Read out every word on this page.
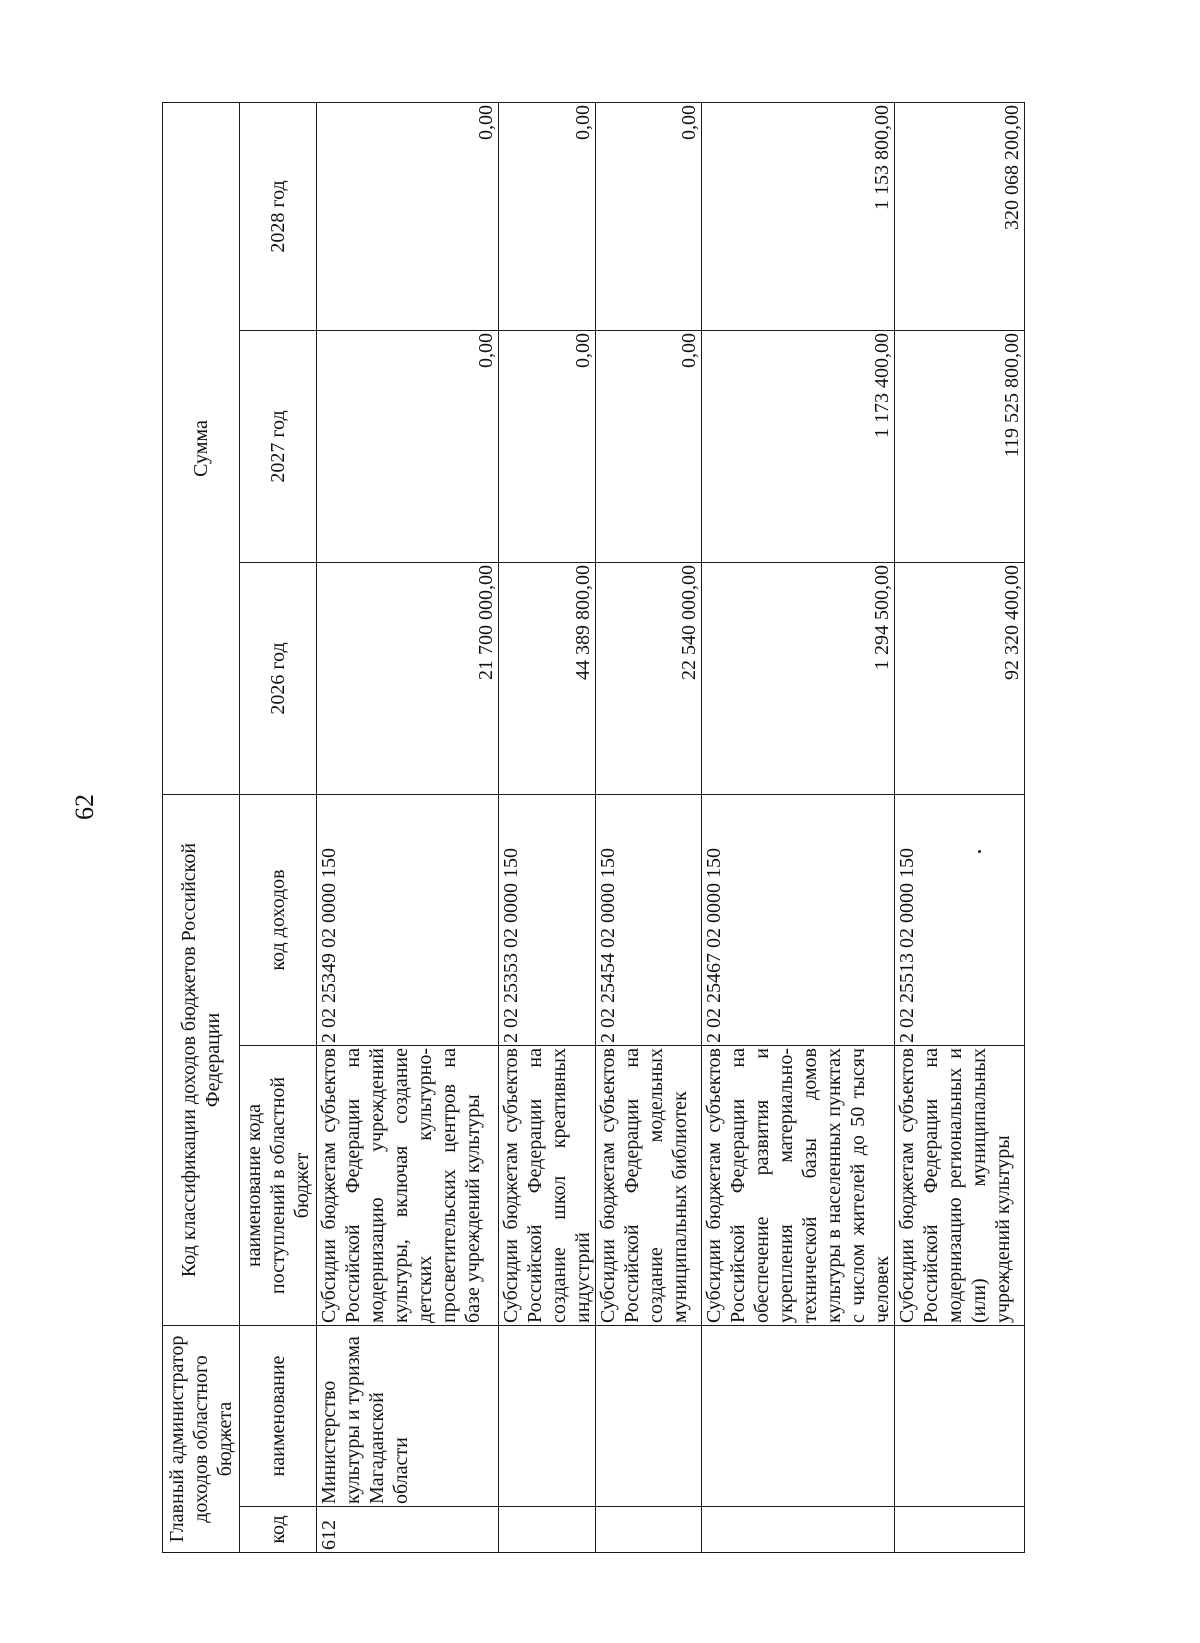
62
Главный администратор доходов областного бюджета		Код классификации доходов бюджетов Российской Федерации		Сумма		
код	наименование	наименование кода поступлений в областной бюджет	код доходов	2026 год	2027 год	2028 год
612	Министерство культуры и туризма Магаданской области	Субсидии бюджетам субъектов Российской Федерации на модернизацию учреждений культуры, включая создание детских культурно-просветительских центров на базе учреждений культуры	2 02 25349 02 0000 150	21 700 000,00	0,00	0,00
		Субсидии бюджетам субъектов Российской Федерации на создание школ креативных индустрий	2 02 25353 02 0000 150	44 389 800,00	0,00	0,00
		Субсидии бюджетам субъектов Российской Федерации на создание модельных муниципальных библиотек	2 02 25454 02 0000 150	22 540 000,00	0,00	0,00
		Субсидии бюджетам субъектов Российской Федерации на обеспечение развития и укрепления материально-технической базы домов культуры в населенных пунктах с числом жителей до 50 тысяч человек	2 02 25467 02 0000 150	1 294 500,00	1 173 400,00	1 153 800,00
		Субсидии бюджетам субъектов Российской Федерации на модернизацию региональных и (или) муниципальных учреждений культуры	2 02 25513 02 0000 150	92 320 400,00	119 525 800,00	320 068 200,00
